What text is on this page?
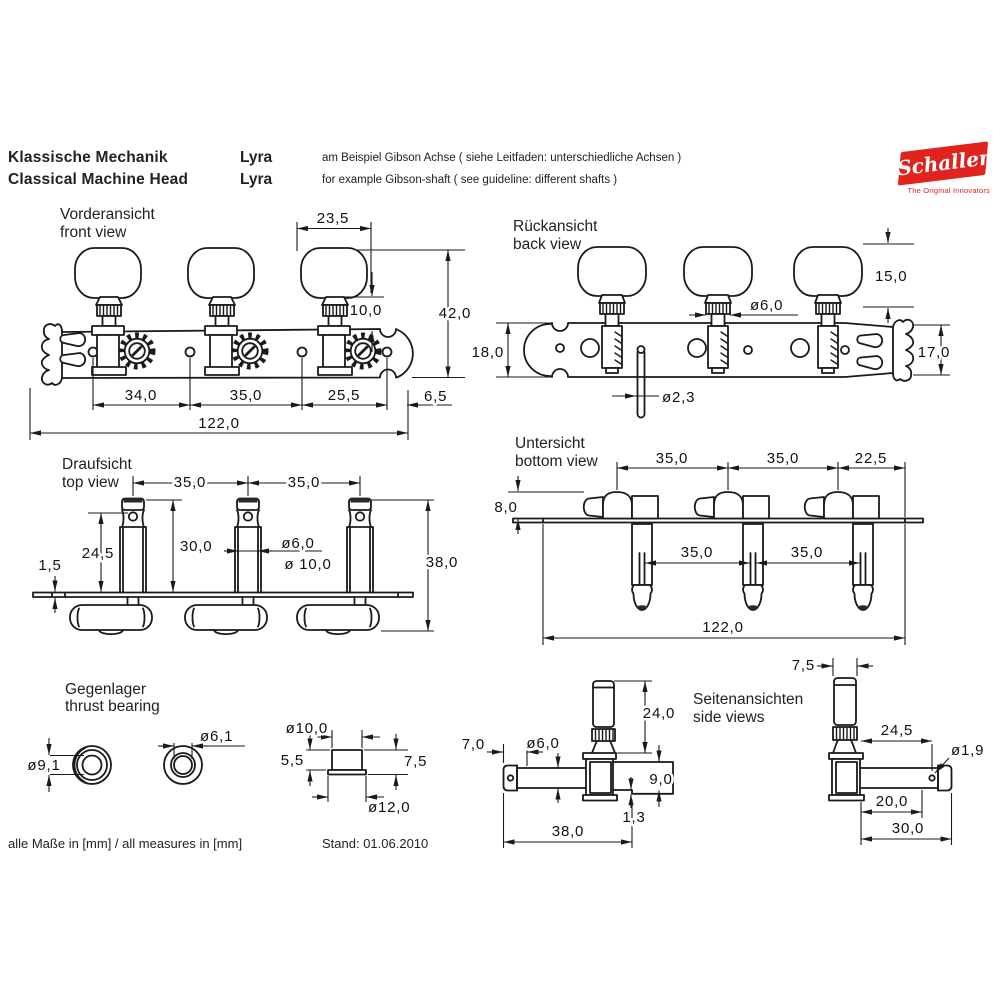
Klassische Mechanik
Classical Machine Head
Lyra
Lyra
am Beispiel Gibson Achse ( siehe Leitfaden: unterschiedliche Achsen )
for example Gibson-shaft ( see guideline: different shafts )	Schaller
The Original Innovators
alle Maße in [mm] / all measures in [mm]	Stand: 01.06.2010
Vorderansicht
front view
23,5
10,0	42,0
34,0	35,0	25,5	6,5
122,0
Rückansicht
back view
15,0
ø6,0
18,0	17,0
ø2,3
Draufsicht
top view	35,0	35,0
24,5	30,0
1,5
ø6,0
ø 10,0	38,0
Untersicht
bottom view	35,0	35,0	22,5
8,0
35,0	35,0
122,0
Gegenlager
thrust bearing
ø9,1
ø6,1	ø10,0
5,5	7,5
ø12,0
Seitenansichten
side views
7,0	ø6,0
24,0
9,0
38,0
1,3
7,5
24,5
ø1,9
20,0
30,0
